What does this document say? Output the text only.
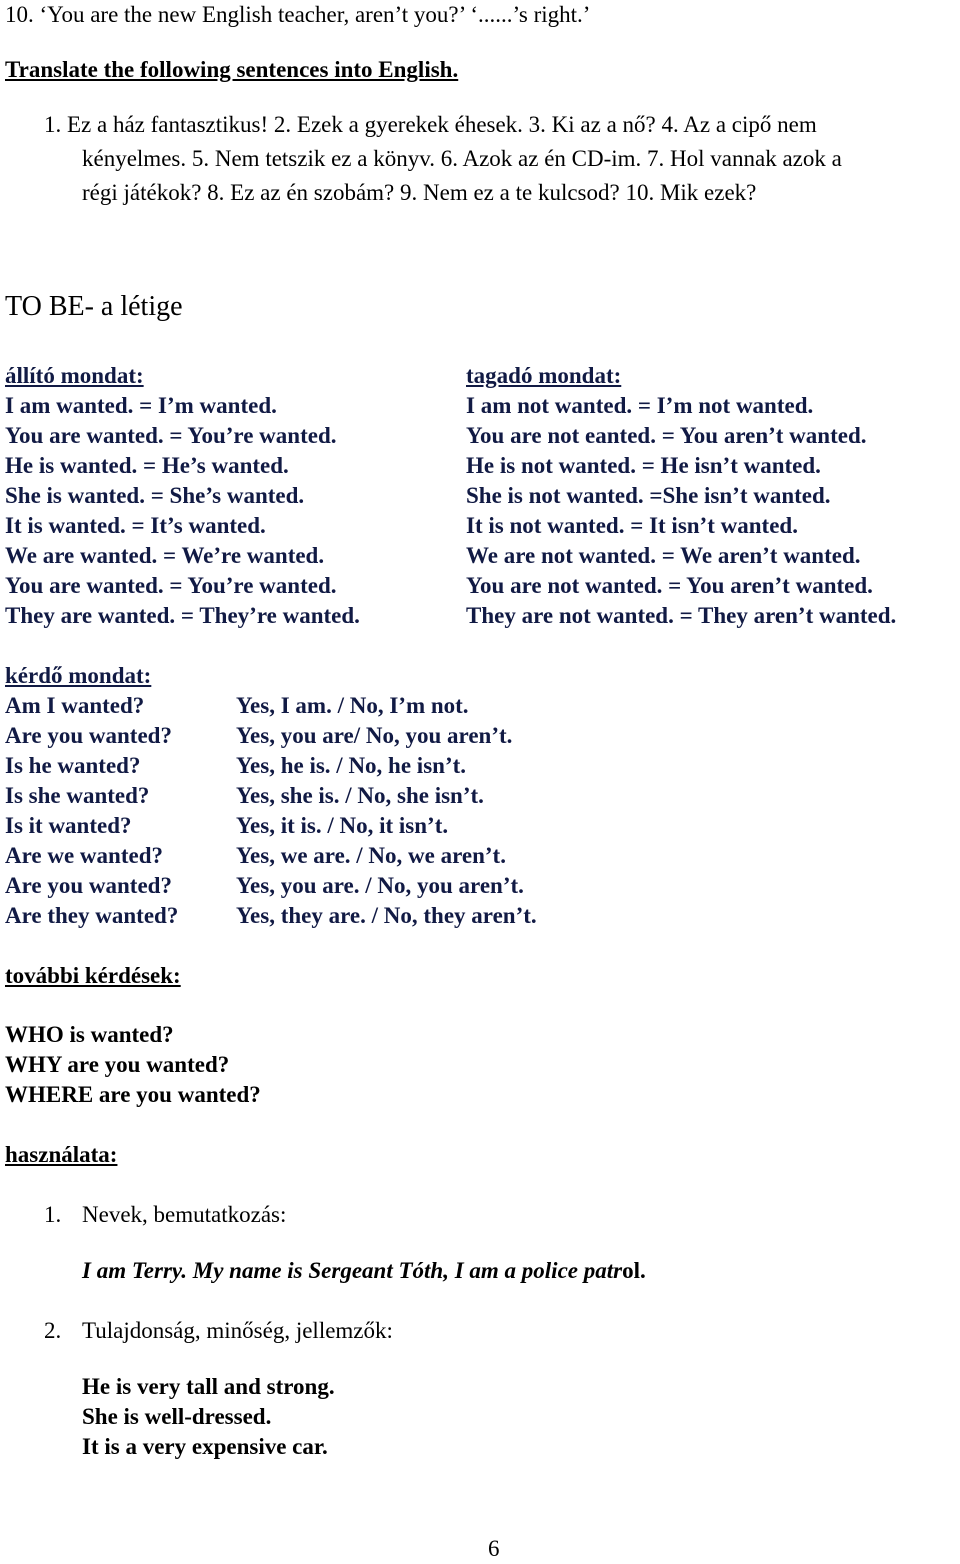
10. ‘You are the new English teacher, aren’t you?’ ‘......’s right.’
Translate the following sentences into English.
1. Ez a ház fantasztikus! 2. Ezek a gyerekek éhesek. 3. Ki az a nő? 4. Az a cipő nem
kényelmes. 5. Nem tetszik ez a könyv. 6. Azok az én CD-im. 7. Hol vannak azok a
régi játékok? 8. Ez az én szobám? 9. Nem ez a te kulcsod? 10. Mik ezek?
TO BE- a létige
állító mondat:
I am wanted. = I’m wanted.
You are wanted. = You’re wanted.
He is wanted. = He’s wanted.
She is wanted. = She’s wanted.
It is wanted. = It’s wanted.
We are wanted. = We’re wanted.
You are wanted. = You’re wanted.
They are wanted. = They’re wanted.
tagadó mondat:
I am not wanted. = I’m not wanted.
You are not eanted. = You aren’t wanted.
He is not wanted. = He isn’t wanted.
She is not wanted. =She isn’t wanted.
It is not wanted. = It isn’t wanted.
We are not wanted. = We aren’t wanted.
You are not wanted. = You aren’t wanted.
They are not wanted. = They aren’t wanted.
kérdő mondat:
Am I wanted?
Are you wanted?
Is he wanted?
Is she wanted?
Is it wanted?
Are we wanted?
Are you wanted?
Are they wanted?
Yes, I am. / No, I’m not.
Yes, you are/ No, you aren’t.
Yes, he is. / No, he isn’t.
Yes, she is. / No, she isn’t.
Yes, it is. / No, it isn’t.
Yes, we are. / No, we aren’t.
Yes, you are. / No, you aren’t.
Yes, they are. / No, they aren’t.
további kérdések:
WHO is wanted?
WHY are you wanted?
WHERE are you wanted?
használata:
1. Nevek, bemutatkozás:
I am Terry. My name is Sergeant Tóth, I am a police patrol.
2. Tulajdonság, minőség, jellemzők:
He is very tall and strong.
She is well-dressed.
It is a very expensive car.
6
